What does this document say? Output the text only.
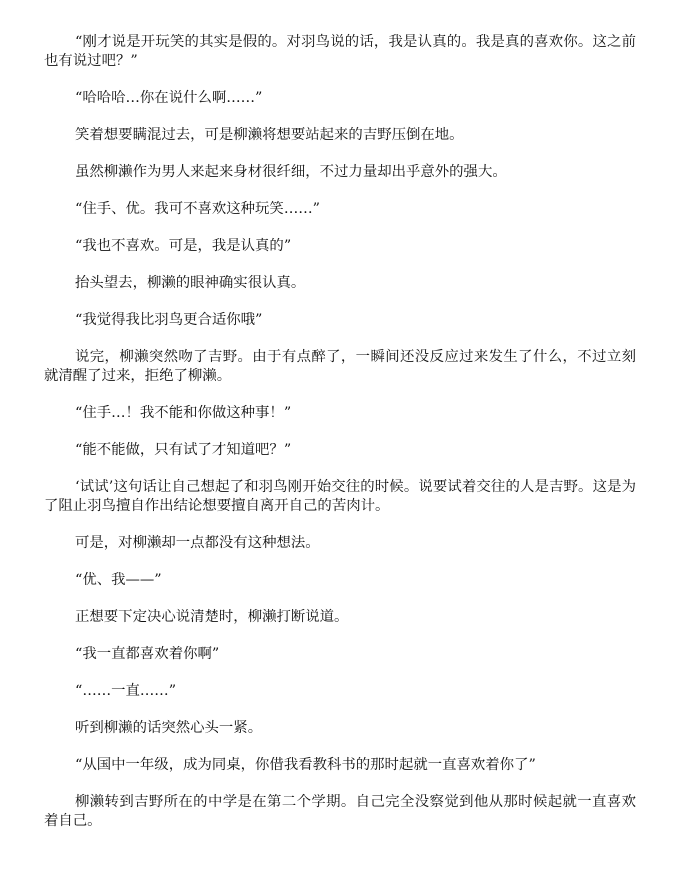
“刚才说是开玩笑的其实是假的。对羽鸟说的话，我是认真的。我是真的喜欢你。这之前也有说过吧？”

“哈哈哈…你在说什么啊……”

笑着想要瞒混过去，可是柳濑将想要站起来的吉野压倒在地。

虽然柳濑作为男人来起来身材很纤细，不过力量却出乎意外的强大。

“住手、优。我可不喜欢这种玩笑……”

“我也不喜欢。可是，我是认真的”

抬头望去，柳濑的眼神确实很认真。

“我觉得我比羽鸟更合适你哦”

说完，柳濑突然吻了吉野。由于有点醉了，一瞬间还没反应过来发生了什么，不过立刻就清醒了过来，拒绝了柳濑。

“住手…！我不能和你做这种事！”

“能不能做，只有试了才知道吧？”

‘试试’这句话让自己想起了和羽鸟刚开始交往的时候。说要试着交往的人是吉野。这是为了阻止羽鸟擅自作出结论想要擅自离开自己的苦肉计。

可是，对柳濑却一点都没有这种想法。

“优、我——”

正想要下定决心说清楚时，柳濑打断说道。

“我一直都喜欢着你啊”

“……一直……”

听到柳濑的话突然心头一紧。

“从国中一年级，成为同桌，你借我看教科书的那时起就一直喜欢着你了”

柳濑转到吉野所在的中学是在第二个学期。自己完全没察觉到他从那时候起就一直喜欢着自己。
